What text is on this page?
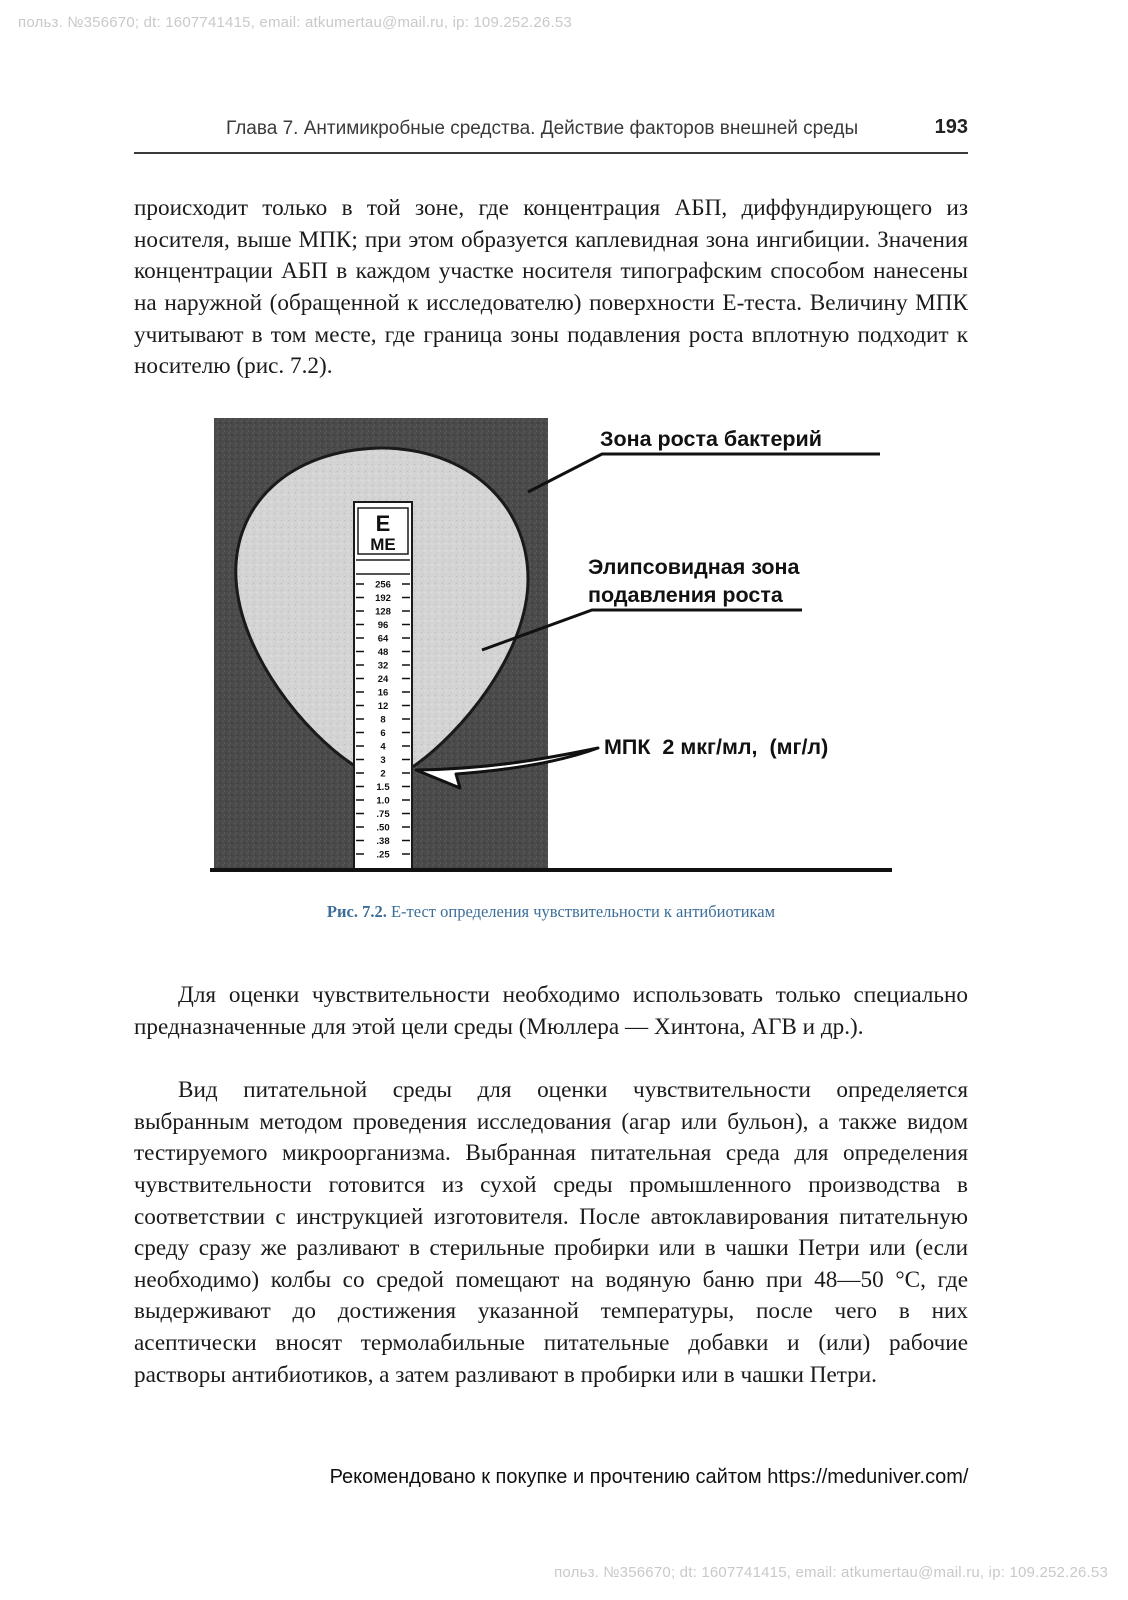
польз. №356670; dt: 1607741415, email: atkumertau@mail.ru, ip: 109.252.26.53
Глава 7. Антимикробные средства. Действие факторов внешней среды	193

происходит только в той зоне, где концентрация АБП, диффундирующего из носителя, выше МПК; при этом образуется каплевидная зона ингибиции. Значения концентрации АБП в каждом участке носителя типографским способом нанесены на наружной (обращенной к исследователю) поверхности Е-теста. Величину МПК учитывают в том месте, где граница зоны подавления роста вплотную подходит к носителю (рис. 7.2).

E
ME
256
192
128
96
64
48
32
24
16
12
8
6
4
3
2
1.5
1.0
.75
.50
.38
.25
Зона роста бактерий
Элипсовидная зона
подавления роста
МПК  2 мкг/мл,  (мг/л)
Рис. 7.2. Е-тест определения чувствительности к антибиотикам

Для оценки чувствительности необходимо использовать только специально предназначенные для этой цели среды (Мюллера — Хинтона, АГВ и др.).

Вид питательной среды для оценки чувствительности определяется выбранным методом проведения исследования (агар или бульон), а также видом тестируемого микроорганизма. Выбранная питательная среда для определения чувствительности готовится из сухой среды промышленного производства в соответствии с инструкцией изготовителя. После автоклавирования питательную среду сразу же разливают в стерильные пробирки или в чашки Петри или (если необходимо) колбы со средой помещают на водяную баню при 48—50 °С, где выдерживают до достижения указанной температуры, после чего в них асептически вносят термолабильные питательные добавки и (или) рабочие растворы антибиотиков, а затем разливают в пробирки или в чашки Петри.

Рекомендовано к покупке и прочтению сайтом https://meduniver.com/
польз. №356670; dt: 1607741415, email: atkumertau@mail.ru, ip: 109.252.26.53
